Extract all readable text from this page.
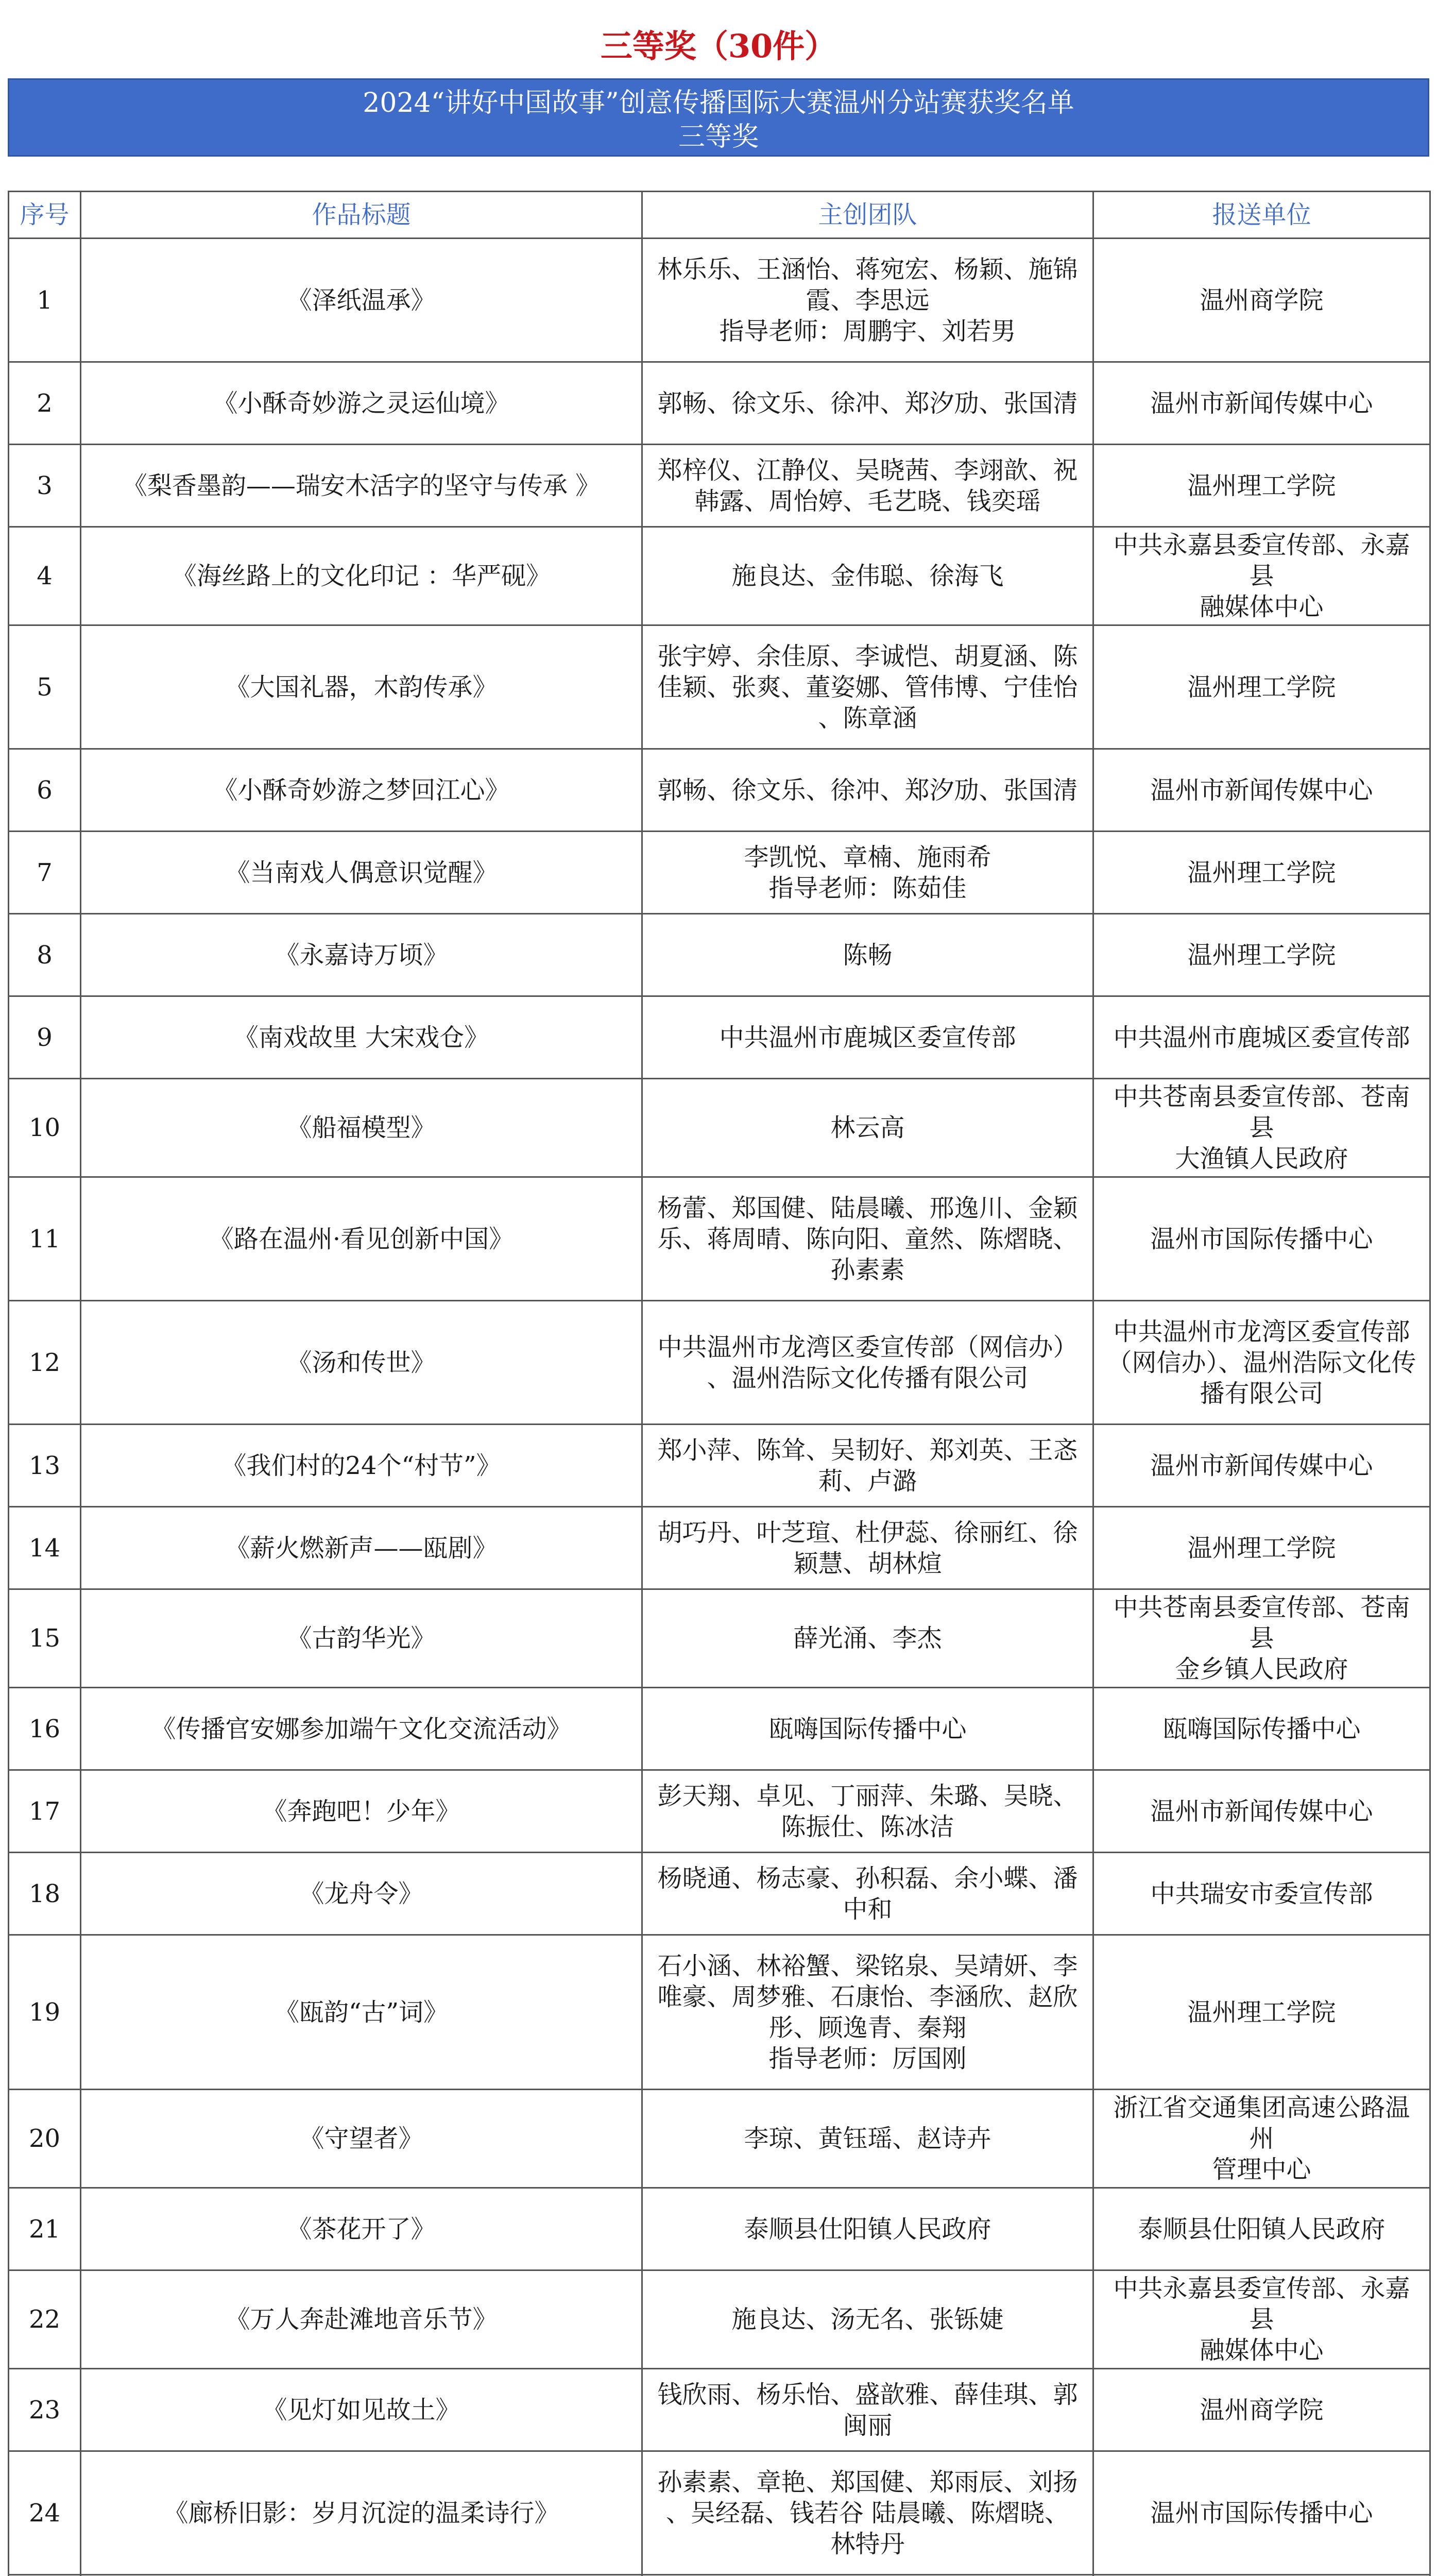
三等奖（30件）
2024“讲好中国故事”创意传播国际大赛温州分站赛获奖名单
三等奖
序号	作品标题	主创团队	报送单位
1	《泽纸温承》	林乐乐、王涵怡、蒋宛宏、杨颖、施锦
霞、李思远
指导老师：周鹏宇、刘若男	温州商学院

2	《小酥奇妙游之灵运仙境》	郭畅、徐文乐、徐冲、郑汐劢、张国清	温州市新闻传媒中心

3	《梨香墨韵——瑞安木活字的坚守与传承 》	郑梓仪、江静仪、吴晓茜、李翊歆、祝
韩露、周怡婷、毛艺晓、钱奕瑶	温州理工学院

4	《海丝路上的文化印记 ：华严砚》	施良达、金伟聪、徐海飞	中共永嘉县委宣传部、永嘉县
融媒体中心

5	《大国礼器，木韵传承》	张宇婷、余佳原、李诚恺、胡夏涵、陈
佳颖、张爽、董姿娜、管伟博、宁佳怡
、陈章涵	温州理工学院

6	《小酥奇妙游之梦回江心》	郭畅、徐文乐、徐冲、郑汐劢、张国清	温州市新闻传媒中心

7	《当南戏人偶意识觉醒》	李凯悦、章楠、施雨希
指导老师：陈茹佳	温州理工学院

8	《永嘉诗万顷》	陈畅	温州理工学院

9	《南戏故里 大宋戏仓》	中共温州市鹿城区委宣传部	中共温州市鹿城区委宣传部

10	《船福模型》	林云高	中共苍南县委宣传部、苍南县
大渔镇人民政府

11	《路在温州·看见创新中国》	杨蕾、郑国健、陆晨曦、邢逸川、金颖
乐、蒋周晴、陈向阳、童然、陈熠晓、
孙素素	温州市国际传播中心

12	《汤和传世》	中共温州市龙湾区委宣传部（网信办）
、温州浩际文化传播有限公司	中共温州市龙湾区委宣传部
（网信办）、温州浩际文化传
播有限公司

13	《我们村的24个“村节”》	郑小萍、陈耸、吴韧好、郑刘英、王忞
莉、卢潞	温州市新闻传媒中心

14	《薪火燃新声——瓯剧》	胡巧丹、叶芝瑄、杜伊蕊、徐丽红、徐
颖慧、胡林煊	温州理工学院

15	《古韵华光》	薛光涌、李杰	中共苍南县委宣传部、苍南县
金乡镇人民政府

16	《传播官安娜参加端午文化交流活动》	瓯嗨国际传播中心	瓯嗨国际传播中心

17	《奔跑吧！少年》	彭天翔、卓见、丁丽萍、朱璐、吴晓、
陈振仕、陈冰洁	温州市新闻传媒中心

18	《龙舟令》	杨晓通、杨志豪、孙积磊、余小蝶、潘
中和	中共瑞安市委宣传部

19	《瓯韵“古”词》	石小涵、林裕蟹、梁铭泉、吴靖妍、李
唯豪、周梦雅、石康怡、李涵欣、赵欣
彤、顾逸青、秦翔
指导老师：厉国刚	温州理工学院

20	《守望者》	李琼、黄钰瑶、赵诗卉	浙江省交通集团高速公路温州
管理中心

21	《茶花开了》	泰顺县仕阳镇人民政府	泰顺县仕阳镇人民政府

22	《万人奔赴滩地音乐节》	施良达、汤无名、张铄婕	中共永嘉县委宣传部、永嘉县
融媒体中心

23	《见灯如见故土》	钱欣雨、杨乐怡、盛歆雅、薛佳琪、郭
闽丽	温州商学院

24	《廊桥旧影：岁月沉淀的温柔诗行》	孙素素、章艳、郑国健、郑雨辰、刘扬
、吴经磊、钱若谷 陆晨曦、陈熠晓、
林特丹	温州市国际传播中心
